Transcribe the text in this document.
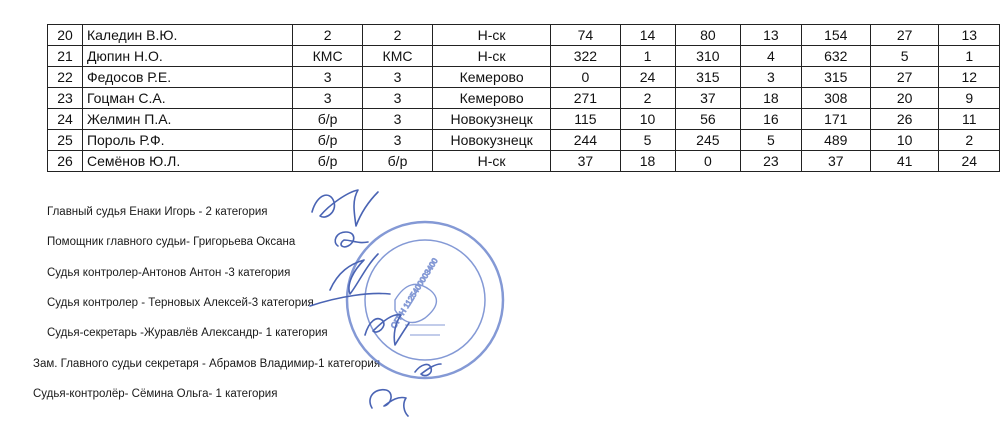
20	Каледин В.Ю.	2	2	Н-ск	74	14	80	13	154	27	13
21	Дюпин Н.О.	КМС	КМС	Н-ск	322	1	310	4	632	5	1
22	Федосов Р.Е.	3	3	Кемерово	0	24	315	3	315	27	12
23	Гоцман С.А.	3	3	Кемерово	271	2	37	18	308	20	9
24	Желмин П.А.	б/р	3	Новокузнецк	115	10	56	16	171	26	11
25	Пороль Р.Ф.	б/р	3	Новокузнецк	244	5	245	5	489	10	2
26	Семёнов Ю.Л.	б/р	б/р	Н-ск	37	18	0	23	37	41	24
Главный судья Енаки Игорь - 2 категория
Помощник главного судьи- Григорьева Оксана
Судья контролер-Антонов Антон -3 категория
Судья контролер - Терновых Алексей-3 категория
Судья-секретарь -Журавлёв Александр- 1 категория
Зам. Главного судьи секретаря - Абрамов Владимир-1 категория
Судья-контролёр- Сёмина Ольга- 1 категория
ОГРН 1125400003400
